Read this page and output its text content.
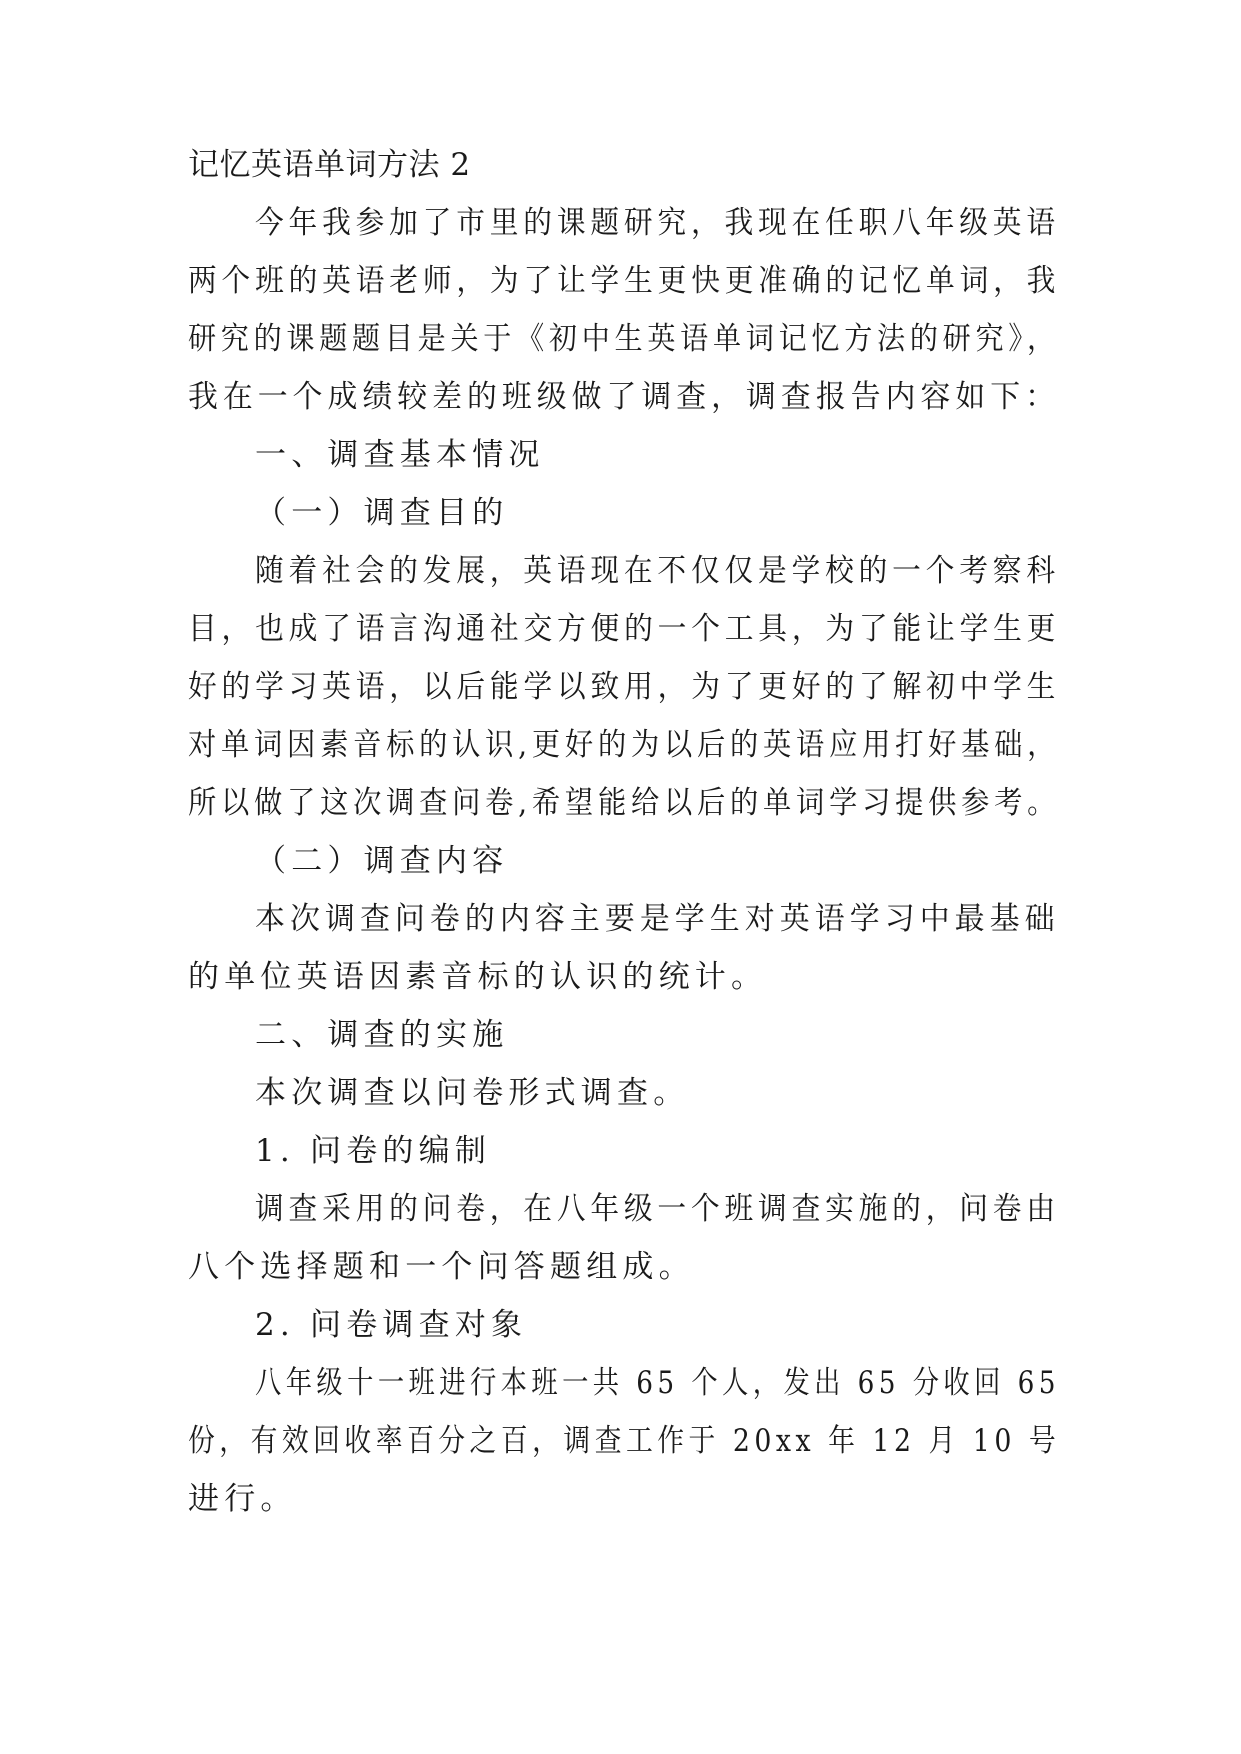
记忆英语单词方法 2
今年我参加了市里的课题研究，我现在任职八年级英语
两个班的英语老师，为了让学生更快更准确的记忆单词，我
研究的课题题目是关于《初中生英语单词记忆方法的研究》，
我在一个成绩较差的班级做了调查，调查报告内容如下：
一、调查基本情况
（一）调查目的
随着社会的发展，英语现在不仅仅是学校的一个考察科
目，也成了语言沟通社交方便的一个工具，为了能让学生更
好的学习英语，以后能学以致用，为了更好的了解初中学生
对单词因素音标的认识,更好的为以后的英语应用打好基础，
所以做了这次调查问卷,希望能给以后的单词学习提供参考。
（二）调查内容
本次调查问卷的内容主要是学生对英语学习中最基础
的单位英语因素音标的认识的统计。
二、调查的实施
本次调查以问卷形式调查。
1. 问卷的编制
调查采用的问卷，在八年级一个班调查实施的，问卷由
八个选择题和一个问答题组成。
2. 问卷调查对象
八年级十一班进行本班一共 65 个人，发出 65 分收回 65
份，有效回收率百分之百，调查工作于 20xx 年 12 月 10 号
进行。
